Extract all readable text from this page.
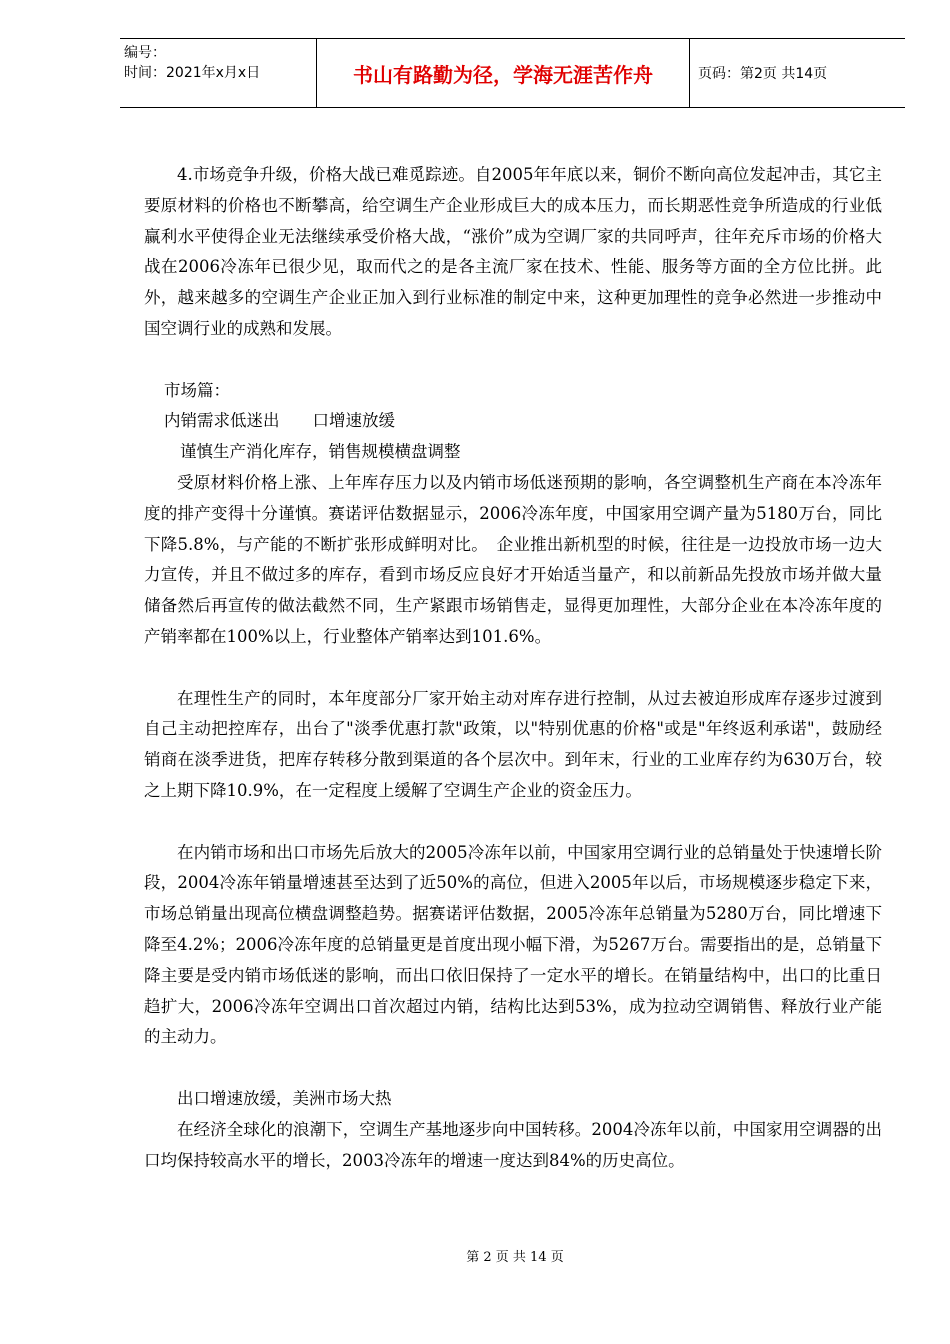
编号：
时间：2021年x月x日	书山有路勤为径，学海无涯苦作舟	页码：第2页 共14页

4.市场竞争升级，价格大战已难觅踪迹。自2005年年底以来，铜价不断向高位发起冲击，其它主要原材料的价格也不断攀高，给空调生产企业形成巨大的成本压力，而长期恶性竞争所造成的行业低赢利水平使得企业无法继续承受价格大战，“涨价”成为空调厂家的共同呼声，往年充斥市场的价格大战在2006冷冻年已很少见，取而代之的是各主流厂家在技术、性能、服务等方面的全方位比拼。此外，越来越多的空调生产企业正加入到行业标准的制定中来，这种更加理性的竞争必然进一步推动中国空调行业的成熟和发展。

市场篇：

内销需求低迷出　　口增速放缓

谨慎生产消化库存，销售规模横盘调整

受原材料价格上涨、上年库存压力以及内销市场低迷预期的影响，各空调整机生产商在本冷冻年度的排产变得十分谨慎。赛诺评估数据显示，2006冷冻年度，中国家用空调产量为5180万台，同比下降5.8%，与产能的不断扩张形成鲜明对比。　企业推出新机型的时候，往往是一边投放市场一边大力宣传，并且不做过多的库存，看到市场反应良好才开始适当量产，和以前新品先投放市场并做大量储备然后再宣传的做法截然不同，生产紧跟市场销售走，显得更加理性，大部分企业在本冷冻年度的产销率都在100%以上，行业整体产销率达到101.6%。

在理性生产的同时，本年度部分厂家开始主动对库存进行控制，从过去被迫形成库存逐步过渡到自己主动把控库存，出台了"淡季优惠打款"政策，以"特别优惠的价格"或是"年终返利承诺"，鼓励经销商在淡季进货，把库存转移分散到渠道的各个层次中。到年末，行业的工业库存约为630万台，较之上期下降10.9%，在一定程度上缓解了空调生产企业的资金压力。

在内销市场和出口市场先后放大的2005冷冻年以前，中国家用空调行业的总销量处于快速增长阶段，2004冷冻年销量增速甚至达到了近50%的高位，但进入2005年以后，市场规模逐步稳定下来，市场总销量出现高位横盘调整趋势。据赛诺评估数据，2005冷冻年总销量为5280万台，同比增速下降至4.2%；2006冷冻年度的总销量更是首度出现小幅下滑，为5267万台。需要指出的是，总销量下降主要是受内销市场低迷的影响，而出口依旧保持了一定水平的增长。在销量结构中，出口的比重日趋扩大，2006冷冻年空调出口首次超过内销，结构比达到53%，成为拉动空调销售、释放行业产能的主动力。

出口增速放缓，美洲市场大热

在经济全球化的浪潮下，空调生产基地逐步向中国转移。2004冷冻年以前，中国家用空调器的出口均保持较高水平的增长，2003冷冻年的增速一度达到84%的历史高位。

第 2 页 共 14 页
